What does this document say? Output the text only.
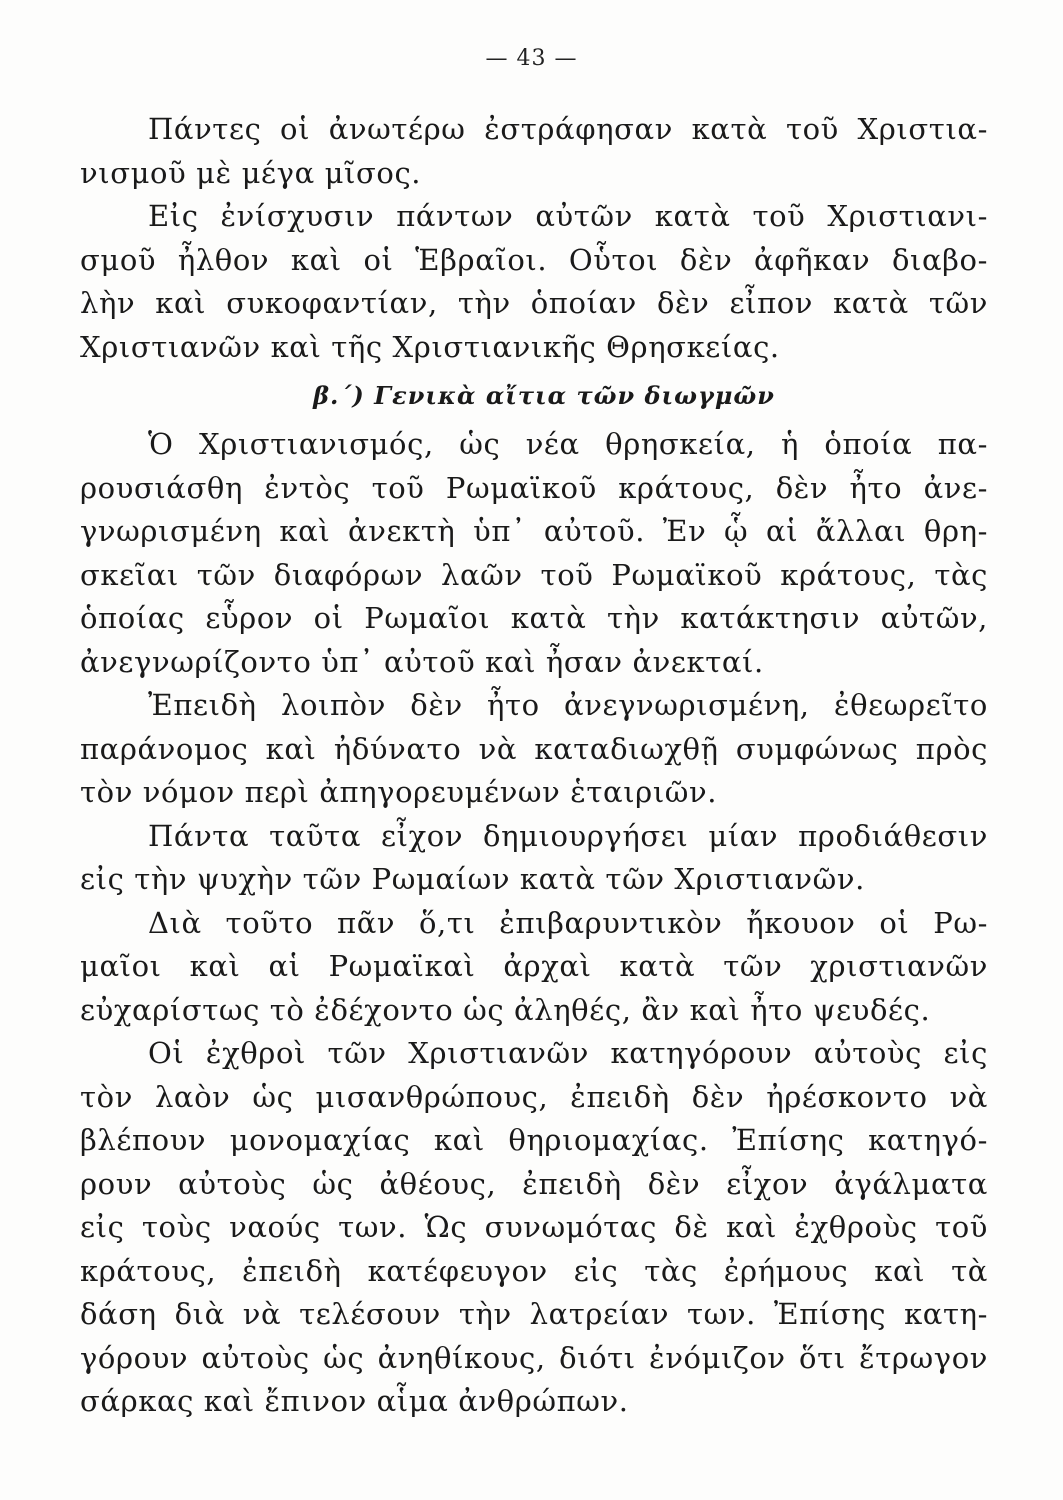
— 43 —
Πάντες οἱ ἀνωτέρω ἐστράφησαν κατὰ τοῦ Χριστια-
νισμοῦ μὲ μέγα μῖσος.
Εἰς ἐνίσχυσιν πάντων αὐτῶν κατὰ τοῦ Χριστιανι-
σμοῦ ἦλθον καὶ οἱ Ἑβραῖοι. Οὗτοι δὲν ἀφῆκαν διαβο-
λὴν καὶ συκοφαντίαν, τὴν ὁποίαν δὲν εἶπον κατὰ τῶν
Χριστιανῶν καὶ τῆς Χριστιανικῆς Θρησκείας.
β.´) Γενικὰ αἴτια τῶν διωγμῶν
Ὁ Χριστιανισμός, ὡς νέα θρησκεία, ἡ ὁποία πα-
ρουσιάσθη ἐντὸς τοῦ Ρωμαϊκοῦ κράτους, δὲν ἦτο ἀνε-
γνωρισμένη καὶ ἀνεκτὴ ὑπ᾽ αὐτοῦ. Ἐν ᾧ αἱ ἄλλαι θρη-
σκεῖαι τῶν διαφόρων λαῶν τοῦ Ρωμαϊκοῦ κράτους, τὰς
ὁποίας εὗρον οἱ Ρωμαῖοι κατὰ τὴν κατάκτησιν αὐτῶν,
ἀνεγνωρίζοντο ὑπ᾽ αὐτοῦ καὶ ἦσαν ἀνεκταί.
Ἐπειδὴ λοιπὸν δὲν ἦτο ἀνεγνωρισμένη, ἐθεωρεῖτο
παράνομος καὶ ἠδύνατο νὰ καταδιωχθῇ συμφώνως πρὸς
τὸν νόμον περὶ ἀπηγορευμένων ἑταιριῶν.
Πάντα ταῦτα εἶχον δημιουργήσει μίαν προδιάθεσιν
εἰς τὴν ψυχὴν τῶν Ρωμαίων κατὰ τῶν Χριστιανῶν.
Διὰ τοῦτο πᾶν ὅ,τι ἐπιβαρυντικὸν ἤκουον οἱ Ρω-
μαῖοι καὶ αἱ Ρωμαϊκαὶ ἀρχαὶ κατὰ τῶν χριστιανῶν
εὐχαρίστως τὸ ἐδέχοντο ὡς ἀληθές, ἂν καὶ ἦτο ψευδές.
Οἱ ἐχθροὶ τῶν Χριστιανῶν κατηγόρουν αὐτοὺς εἰς
τὸν λαὸν ὡς μισανθρώπους, ἐπειδὴ δὲν ἠρέσκοντο νὰ
βλέπουν μονομαχίας καὶ θηριομαχίας. Ἐπίσης κατηγό-
ρουν αὐτοὺς ὡς ἀθέους, ἐπειδὴ δὲν εἶχον ἀγάλματα
εἰς τοὺς ναούς των. Ὡς συνωμότας δὲ καὶ ἐχθροὺς τοῦ
κράτους, ἐπειδὴ κατέφευγον εἰς τὰς ἐρήμους καὶ τὰ
δάση διὰ νὰ τελέσουν τὴν λατρείαν των. Ἐπίσης κατη-
γόρουν αὐτοὺς ὡς ἀνηθίκους, διότι ἐνόμιζον ὅτι ἔτρωγον
σάρκας καὶ ἔπινον αἷμα ἀνθρώπων.
